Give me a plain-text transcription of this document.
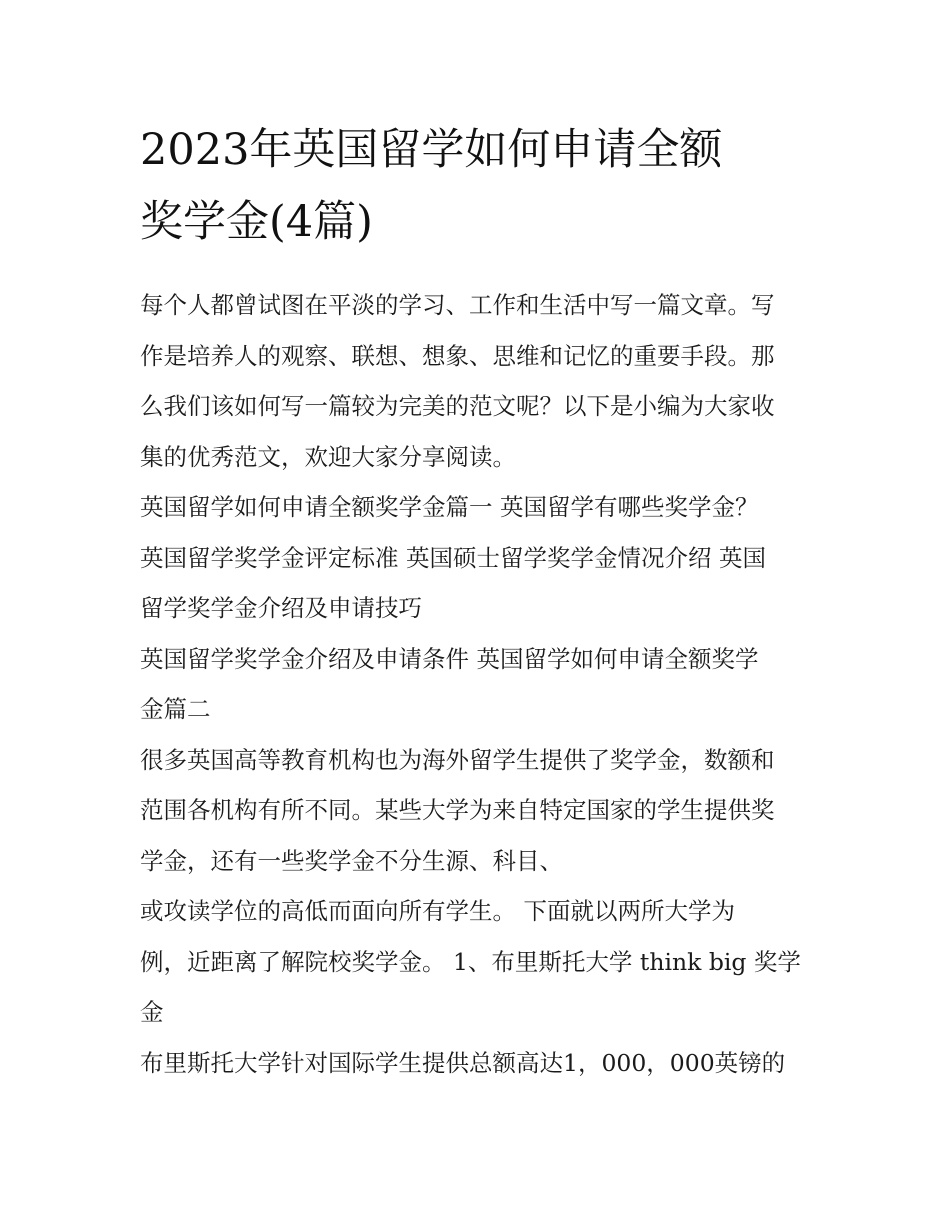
2023年英国留学如何申请全额
奖学金(4篇)

每个人都曾试图在平淡的学习、工作和生活中写一篇文章。写
作是培养人的观察、联想、想象、思维和记忆的重要手段。那
么我们该如何写一篇较为完美的范文呢？以下是小编为大家收
集的优秀范文，欢迎大家分享阅读。

英国留学如何申请全额奖学金篇一 英国留学有哪些奖学金？
英国留学奖学金评定标准 英国硕士留学奖学金情况介绍 英国
留学奖学金介绍及申请技巧

英国留学奖学金介绍及申请条件 英国留学如何申请全额奖学
金篇二

很多英国高等教育机构也为海外留学生提供了奖学金，数额和
范围各机构有所不同。某些大学为来自特定国家的学生提供奖
学金，还有一些奖学金不分生源、科目、

或攻读学位的高低而面向所有学生。 下面就以两所大学为
例，近距离了解院校奖学金。 1、布里斯托大学 think big 奖学
金

布里斯托大学针对国际学生提供总额高达1，000，000英镑的
